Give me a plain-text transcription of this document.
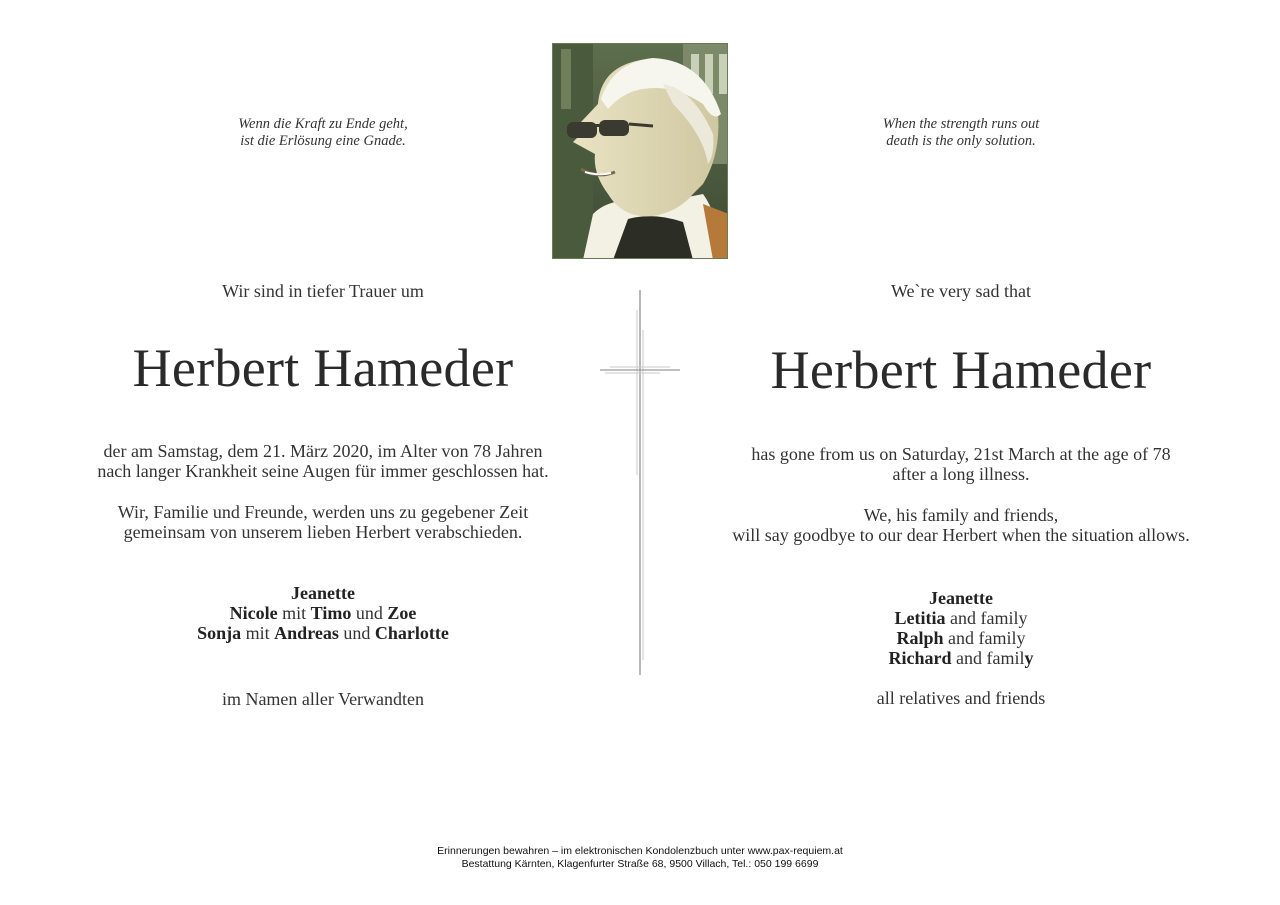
Wenn die Kraft zu Ende geht,
ist die Erlösung eine Gnade.
Wir sind in tiefer Trauer um
Herbert Hameder
der am Samstag, dem 21. März 2020, im Alter von 78 Jahren
nach langer Krankheit seine Augen für immer geschlossen hat.
Wir, Familie und Freunde, werden uns zu gegebener Zeit
gemeinsam von unserem lieben Herbert verabschieden.
Jeanette
Nicole mit Timo und Zoe
Sonja mit Andreas und Charlotte
im Namen aller Verwandten
When the strength runs out
death is the only solution.
We`re very sad that
Herbert Hameder
has gone from us on Saturday, 21st March at the age of 78
after a long illness.
We, his family and friends,
will say goodbye to our dear Herbert when the situation allows.
Jeanette
Letitia and family
Ralph and family
Richard and family
all relatives and friends
Erinnerungen bewahren – im elektronischen Kondolenzbuch unter www.pax-requiem.at
Bestattung Kärnten, Klagenfurter Straße 68, 9500 Villach, Tel.: 050 199 6699
